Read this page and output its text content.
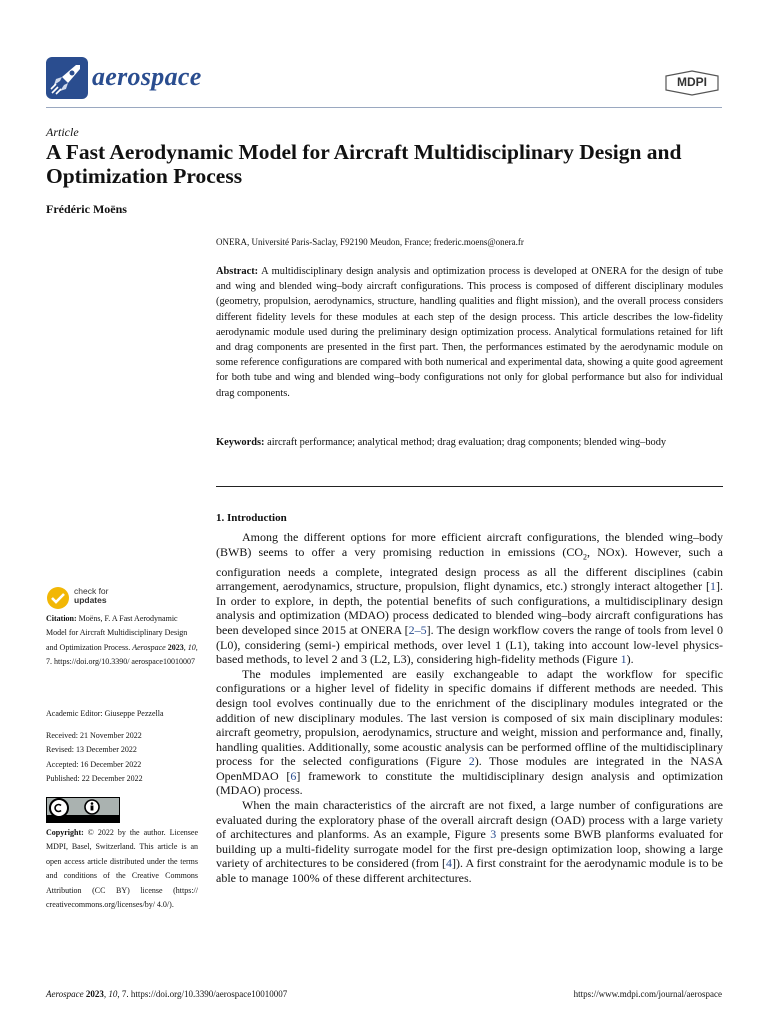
aerospace	MDPI
Article
A Fast Aerodynamic Model for Aircraft Multidisciplinary Design and Optimization Process
Frédéric Moëns
ONERA, Université Paris-Saclay, F92190 Meudon, France; frederic.moens@onera.fr
Abstract: A multidisciplinary design analysis and optimization process is developed at ONERA for the design of tube and wing and blended wing–body aircraft configurations. This process is composed of different disciplinary modules (geometry, propulsion, aerodynamics, structure, handling qualities and flight mission), and the overall process considers different fidelity levels for these modules at each step of the design process. This article describes the low-fidelity aerodynamic module used during the preliminary design optimization process. Analytical formulations retained for lift and drag components are presented in the first part. Then, the performances estimated by the aerodynamic module on some reference configurations are compared with both numerical and experimental data, showing a quite good agreement for both tube and wing and blended wing–body configurations not only for global performance but also for individual drag components.
Keywords: aircraft performance; analytical method; drag evaluation; drag components; blended wing–body
1. Introduction

Among the different options for more efficient aircraft configurations, the blended wing–body (BWB) seems to offer a very promising reduction in emissions ($CO_2$, NOx). However, such a configuration needs a complete, integrated design process as all the different disciplines (cabin arrangement, aerodynamics, structure, propulsion, flight dynamics, etc.) strongly interact altogether [1]. In order to explore, in depth, the potential benefits of such configurations, a multidisciplinary design analysis and optimization (MDAO) process dedicated to blended wing–body aircraft configurations has been developed since 2015 at ONERA [2–5]. The design workflow covers the range of tools from level 0 (L0), considering (semi-) empirical methods, over level 1 (L1), taking into account low-level physics-based methods, to level 2 and 3 (L2, L3), considering high-fidelity methods (Figure 1).

The modules implemented are easily exchangeable to adapt the workflow for specific configurations or a higher level of fidelity in specific domains if different methods are needed. This design tool evolves continually due to the enrichment of the disciplinary modules integrated or the addition of new disciplinary modules. The last version is composed of six main disciplinary modules: aircraft geometry, propulsion, aerodynamics, structure and weight, mission and performance and, finally, handling qualities. Additionally, some acoustic analysis can be performed offline of the multidisciplinary process for the selected configurations (Figure 2). Those modules are integrated in the NASA OpenMDAO [6] framework to constitute the multidisciplinary design analysis and optimization (MDAO) process.

When the main characteristics of the aircraft are not fixed, a large number of configurations are evaluated during the exploratory phase of the overall aircraft design (OAD) process with a large variety of architectures and planforms. As an example, Figure 3 presents some BWB planforms evaluated for building up a multi-fidelity surrogate model for the first pre-design optimization loop, showing a large variety of architectures to be considered (from [4]). A first constraint for the aerodynamic module is to be able to manage 100% of these different architectures.

check for
updates
Citation: Moëns, F. A Fast Aerodynamic Model for Aircraft Multidisciplinary Design and Optimization Process. Aerospace 2023, 10, 7. https://doi.org/10.3390/ aerospace10010007
Academic Editor: Giuseppe Pezzella
Received: 21 November 2022
Revised: 13 December 2022
Accepted: 16 December 2022
Published: 22 December 2022
Copyright: © 2022 by the author. Licensee MDPI, Basel, Switzerland. This article is an open access article distributed under the terms and conditions of the Creative Commons Attribution (CC BY) license (https:// creativecommons.org/licenses/by/ 4.0/).
Aerospace 2023, 10, 7. https://doi.org/10.3390/aerospace10010007	https://www.mdpi.com/journal/aerospace
